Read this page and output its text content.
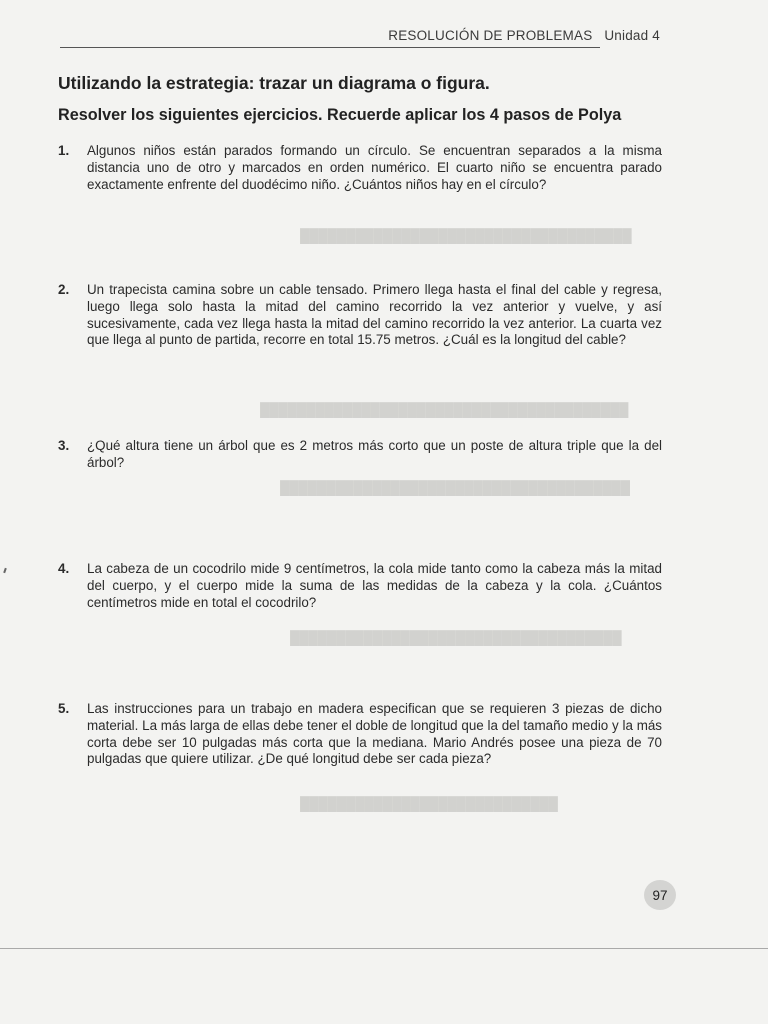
████████████████████████████████████
████████████████████████████████████████
██████████████████████████████████████
████████████████████████████████████
████████████████████████████
RESOLUCIÓN DE PROBLEMAS Unidad 4
Utilizando la estrategia: trazar un diagrama o figura.
Resolver los siguientes ejercicios. Recuerde aplicar los 4 pasos de Polya
1.	Algunos niños están parados formando un círculo. Se encuentran separados a la misma distancia uno de otro y marcados en orden numérico. El cuarto niño se encuentra parado exactamente enfrente del duodécimo niño. ¿Cuántos niños hay en el círculo?
2.	Un trapecista camina sobre un cable tensado. Primero llega hasta el final del cable y regresa, luego llega solo hasta la mitad del camino recorrido la vez anterior y vuelve, y así sucesivamente, cada vez llega hasta la mitad del camino recorrido la vez anterior. La cuarta vez que llega al punto de partida, recorre en total 15.75 metros. ¿Cuál es la longitud del cable?
3.	¿Qué altura tiene un árbol que es 2 metros más corto que un poste de altura triple que la del árbol?
4.	La cabeza de un cocodrilo mide 9 centímetros, la cola mide tanto como la cabeza más la mitad del cuerpo, y el cuerpo mide la suma de las medidas de la cabeza y la cola. ¿Cuántos centímetros mide en total el cocodrilo?
5.	Las instrucciones para un trabajo en madera especifican que se requieren 3 piezas de dicho material. La más larga de ellas debe tener el doble de longitud que la del tamaño medio y la más corta debe ser 10 pulgadas más corta que la mediana. Mario Andrés posee una pieza de 70 pulgadas que quiere utilizar. ¿De qué longitud debe ser cada pieza?
97
